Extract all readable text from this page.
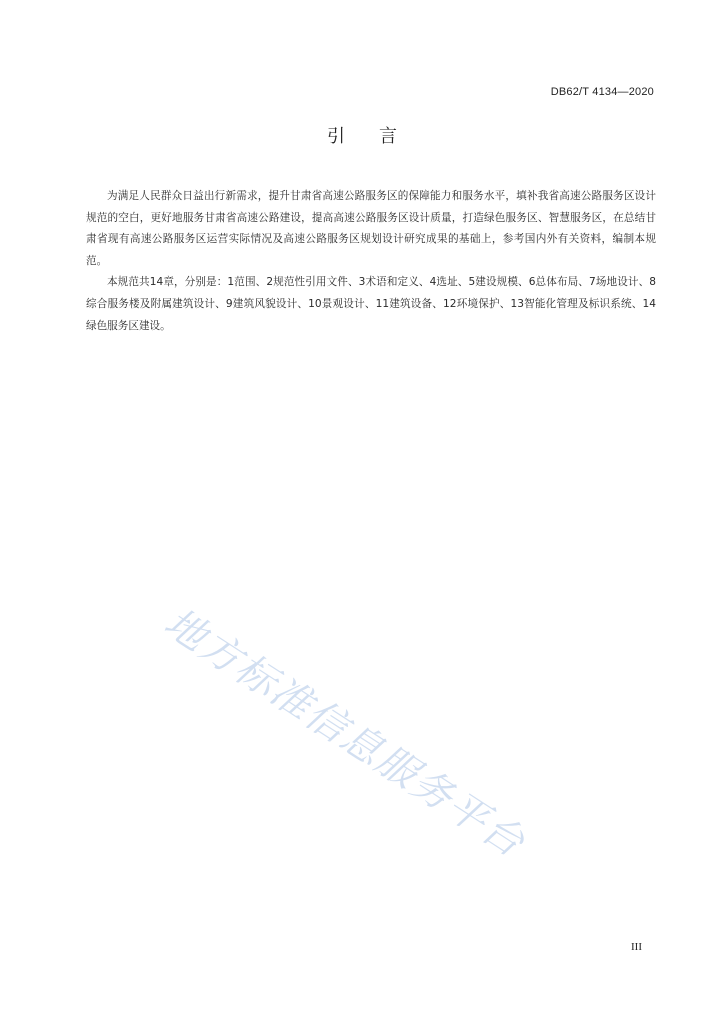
DB62/T 4134—2020
引言

为满足人民群众日益出行新需求，提升甘肃省高速公路服务区的保障能力和服务水平，填补我省高速公路服务区设计规范的空白，更好地服务甘肃省高速公路建设，提高高速公路服务区设计质量，打造绿色服务区、智慧服务区，在总结甘肃省现有高速公路服务区运营实际情况及高速公路服务区规划设计研究成果的基础上，参考国内外有关资料，编制本规范。

本规范共14章，分别是：1范围、2规范性引用文件、3术语和定义、4选址、5建设规模、6总体布局、7场地设计、8综合服务楼及附属建筑设计、9建筑风貌设计、10景观设计、11建筑设备、12环境保护、13智能化管理及标识系统、14绿色服务区建设。

地方标准信息服务平台
III
